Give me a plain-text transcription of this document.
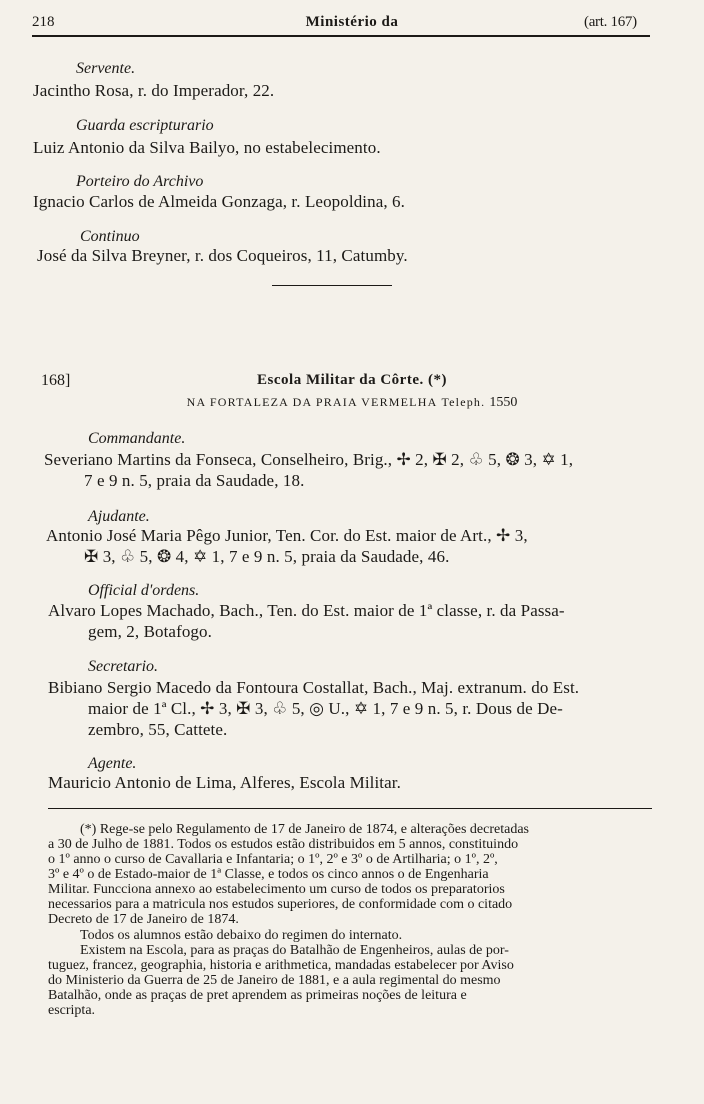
218	Ministério da	(art. 167)
Servente.
Jacintho Rosa, r. do Imperador, 22.
Guarda escripturario
Luiz Antonio da Silva Bailyo, no estabelecimento.
Porteiro do Archivo
Ignacio Carlos de Almeida Gonzaga, r. Leopoldina, 6.
Continuo
José da Silva Breyner, r. dos Coqueiros, 11, Catumby.
168]	Escola Militar da Côrte. (*)
NA FORTALEZA DA PRAIA VERMELHA Teleph. 1550
Commandante.
Severiano Martins da Fonseca, Conselheiro, Brig., ✢ 2, ✠ 2, ♧ 5, ❂ 3, ✡ 1,
7 e 9 n. 5, praia da Saudade, 18.
Ajudante.
Antonio José Maria Pêgo Junior, Ten. Cor. do Est. maior de Art., ✢ 3,
✠ 3, ♧ 5, ❂ 4, ✡ 1, 7 e 9 n. 5, praia da Saudade, 46.
Official d'ordens.
Alvaro Lopes Machado, Bach., Ten. do Est. maior de 1ª classe, r. da Passa-
gem, 2, Botafogo.
Secretario.
Bibiano Sergio Macedo da Fontoura Costallat, Bach., Maj. extranum. do Est.
maior de 1ª Cl., ✢ 3, ✠ 3, ♧ 5, ◎ U., ✡ 1, 7 e 9 n. 5, r. Dous de De-
zembro, 55, Cattete.
Agente.
Mauricio Antonio de Lima, Alferes, Escola Militar.
(*) Rege-se pelo Regulamento de 17 de Janeiro de 1874, e alterações decretadas
a 30 de Julho de 1881. Todos os estudos estão distribuidos em 5 annos, constituindo
o 1º anno o curso de Cavallaria e Infantaria; o 1º, 2º e 3º o de Artilharia; o 1º, 2º,
3º e 4º o de Estado-maior de 1ª Classe, e todos os cinco annos o de Engenharia
Militar. Funcciona annexo ao estabelecimento um curso de todos os preparatorios
necessarios para a matricula nos estudos superiores, de conformidade com o citado
Decreto de 17 de Janeiro de 1874.
Todos os alumnos estão debaixo do regimen do internato.
Existem na Escola, para as praças do Batalhão de Engenheiros, aulas de por-
tuguez, francez, geographia, historia e arithmetica, mandadas estabelecer por Aviso
do Ministerio da Guerra de 25 de Janeiro de 1881, e a aula regimental do mesmo
Batalhão, onde as praças de pret aprendem as primeiras noções de leitura e
escripta.
